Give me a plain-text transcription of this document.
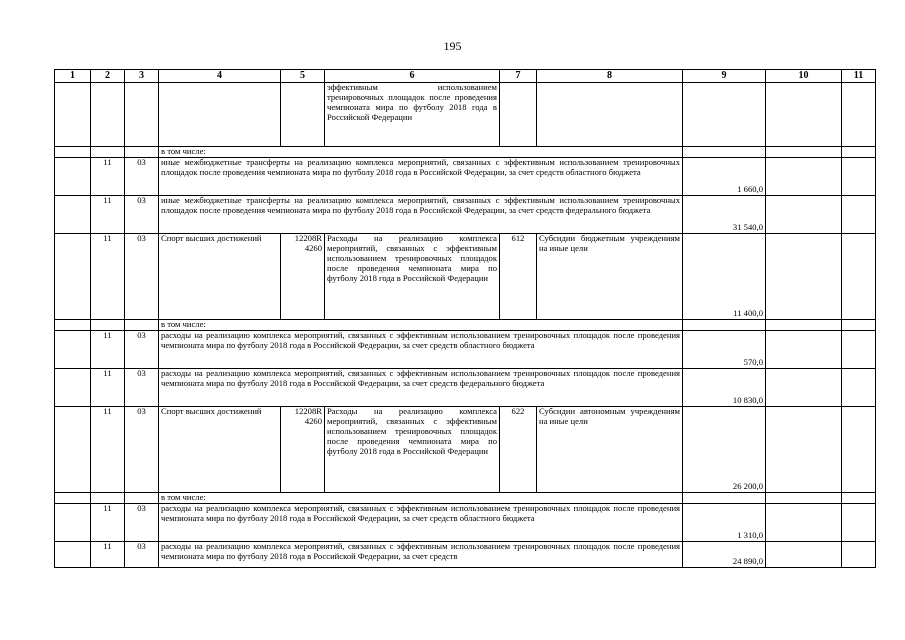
195
1	2	3	4	5	6	7	8	9	10	11
					эффективным использованием тренировочных площадок после проведения чемпионата мира по футболу 2018 года в Российской Федерации					
			в том числе:							
	11	03	иные межбюджетные трансферты на реализацию комплекса мероприятий, связанных с эффективным использованием тренировочных площадок после проведения чемпионата мира по футболу 2018 года в Российской Федерации, за счет средств областного бюджета					1 660,0		
	11	03	иные межбюджетные трансферты на реализацию комплекса мероприятий, связанных с эффективным использованием тренировочных площадок после проведения чемпионата мира по футболу 2018 года в Российской Федерации, за счет средств федерального бюджета					31 540,0		
	11	03	Спорт высших достижений	12208R 4260	Расходы на реализацию комплекса мероприятий, связанных с эффективным использованием тренировочных площадок после проведения чемпионата мира по футболу 2018 года в Российской Федерации	612	Субсидии бюджетным учреждениям на иные цели	11 400,0		
			в том числе:							
	11	03	расходы на реализацию комплекса мероприятий, связанных с эффективным использованием тренировочных площадок после проведения чемпионата мира по футболу 2018 года в Российской Федерации, за счет средств областного бюджета					570,0		
	11	03	расходы на реализацию комплекса мероприятий, связанных с эффективным использованием тренировочных площадок после проведения чемпионата мира по футболу 2018 года в Российской Федерации, за счет средств федерального бюджета					10 830,0		
	11	03	Спорт высших достижений	12208R 4260	Расходы на реализацию комплекса мероприятий, связанных с эффективным использованием тренировочных площадок после проведения чемпионата мира по футболу 2018 года в Российской Федерации	622	Субсидии автономным учреждениям на иные цели	26 200,0		
			в том числе:							
	11	03	расходы на реализацию комплекса мероприятий, связанных с эффективным использованием тренировочных площадок после проведения чемпионата мира по футболу 2018 года в Российской Федерации, за счет средств областного бюджета					1 310,0		
	11	03	расходы на реализацию комплекса мероприятий, связанных с эффективным использованием тренировочных площадок после проведения чемпионата мира по футболу 2018 года в Российской Федерации, за счет средств					24 890,0		
